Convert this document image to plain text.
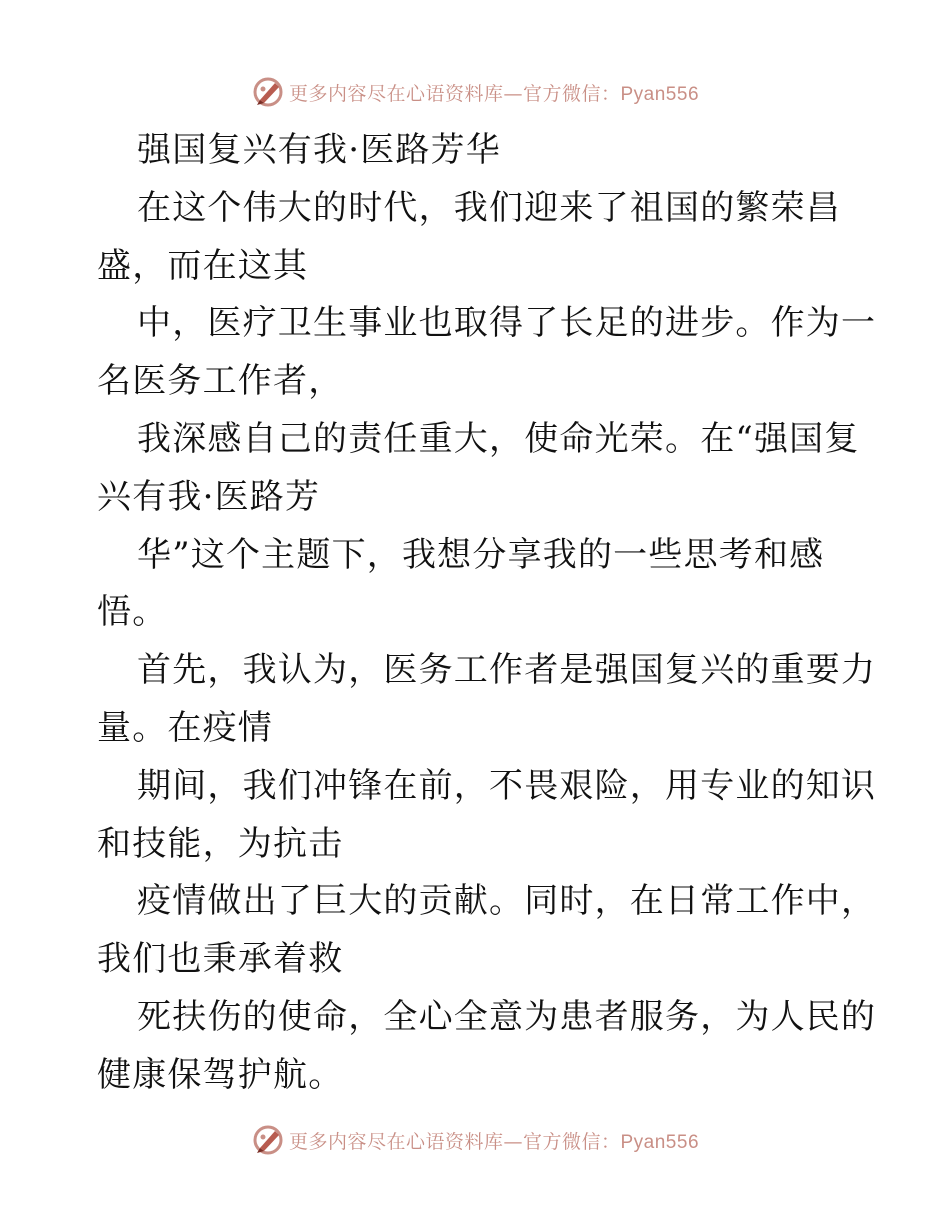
更多内容尽在心语资料库—官方微信：Pyan556
强国复兴有我·医路芳华
在这个伟大的时代，我们迎来了祖国的繁荣昌
盛，而在这其
中，医疗卫生事业也取得了长足的进步。作为一
名医务工作者，
我深感自己的责任重大，使命光荣。在“强国复
兴有我·医路芳
华”这个主题下，我想分享我的一些思考和感
悟。
首先，我认为，医务工作者是强国复兴的重要力
量。在疫情
期间，我们冲锋在前，不畏艰险，用专业的知识
和技能，为抗击
疫情做出了巨大的贡献。同时，在日常工作中，
我们也秉承着救
死扶伤的使命，全心全意为患者服务，为人民的
健康保驾护航。
更多内容尽在心语资料库—官方微信：Pyan556
